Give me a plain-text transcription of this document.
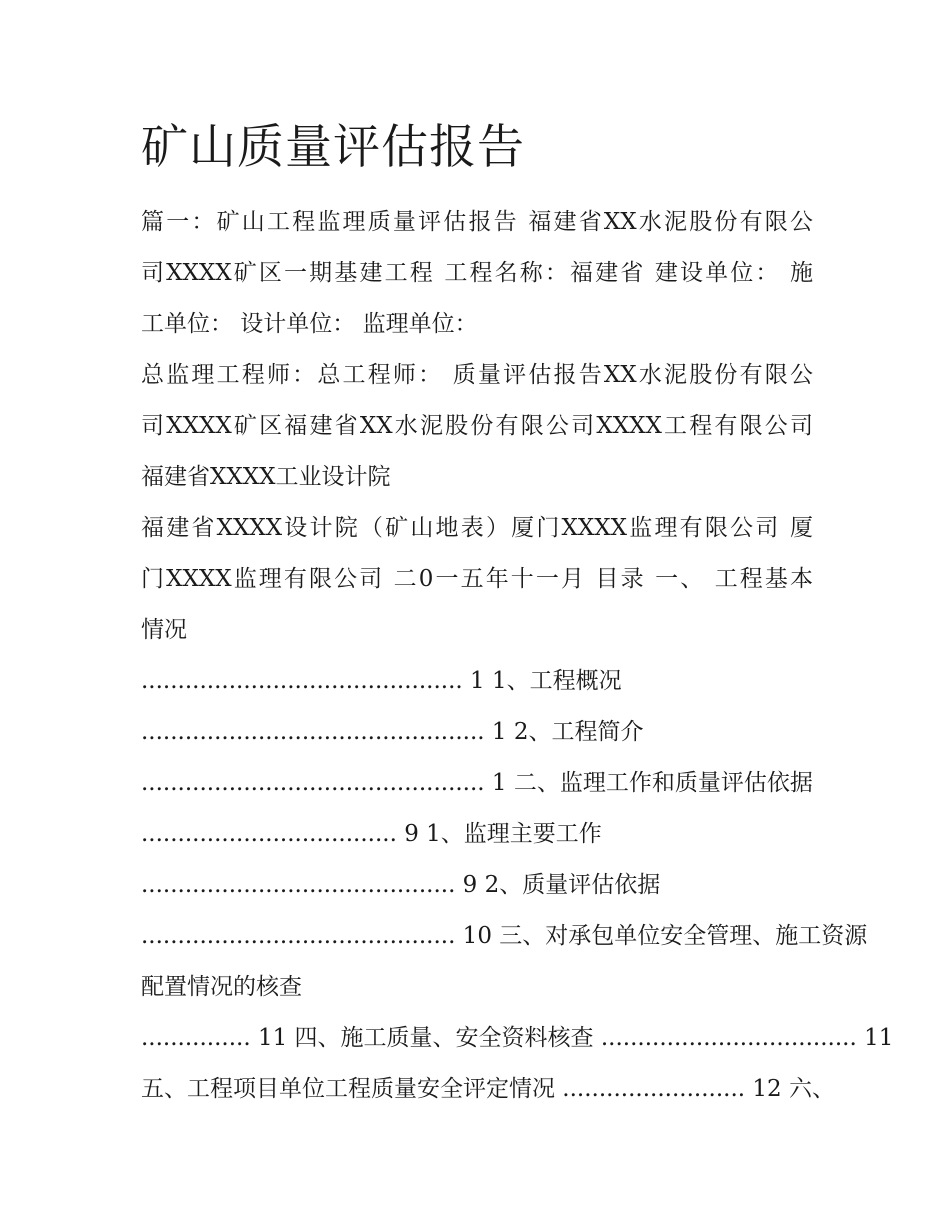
矿山质量评估报告
篇一：矿山工程监理质量评估报告 福建省XX水泥股份有限公
司XXXX矿区一期基建工程 工程名称：福建省 建设单位： 施
工单位： 设计单位： 监理单位：
总监理工程师：总工程师： 质量评估报告XX水泥股份有限公
司XXXX矿区福建省XX水泥股份有限公司XXXX工程有限公司
福建省XXXX工业设计院
福建省XXXX设计院（矿山地表）厦门XXXX监理有限公司 厦
门XXXX监理有限公司 二0一五年十一月 目录 一、 工程基本
情况
............................................ 1 1、工程概况
............................................... 1 2、工程简介
............................................... 1 二、监理工作和质量评估依据
................................... 9 1、监理主要工作
........................................... 9 2、质量评估依据
........................................... 10 三、对承包单位安全管理、施工资源
配置情况的核查
............... 11 四、施工质量、安全资料核查 ................................... 11
五、工程项目单位工程质量安全评定情况 ......................... 12 六、
